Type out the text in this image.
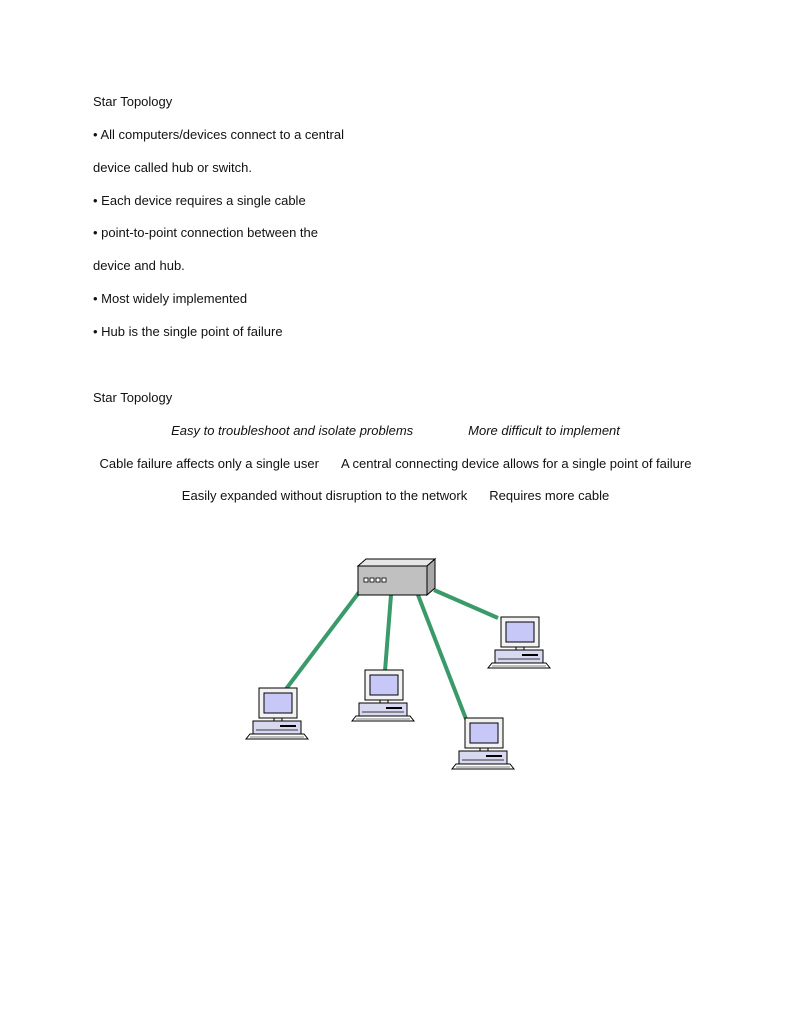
Star Topology
• All computers/devices connect to a central
device called hub or switch.
• Each device requires a single cable
• point-to-point connection between the
device and hub.
• Most widely implemented
• Hub is the single point of failure
Star Topology
Easy to troubleshoot and isolate problems	More difficult to implement
Cable failure affects only a single user A central connecting device allows for a single point of failure
Easily expanded without disruption to the network Requires more cable
